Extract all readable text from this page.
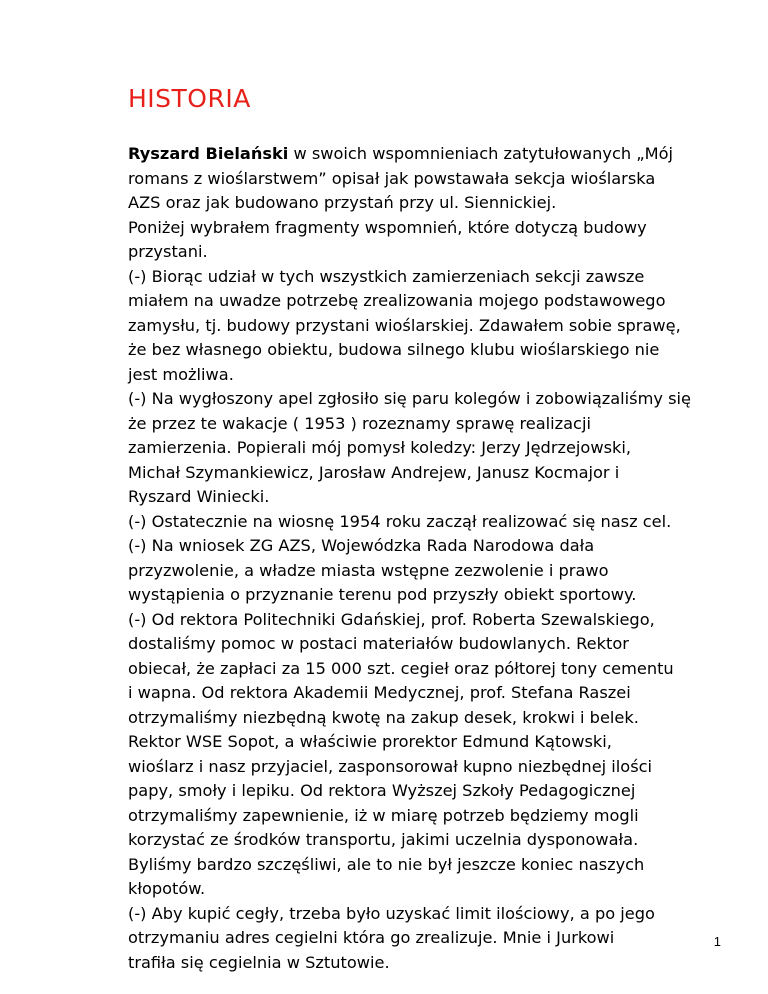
HISTORIA
Ryszard Bielański w swoich wspomnieniach zatytułowanych „Mój
romans z wioślarstwem” opisał jak powstawała sekcja wioślarska
AZS oraz jak budowano przystań przy ul. Siennickiej.
Poniżej wybrałem fragmenty wspomnień, które dotyczą budowy
przystani.
(-) Biorąc udział w tych wszystkich zamierzeniach sekcji zawsze
miałem na uwadze potrzebę zrealizowania mojego podstawowego
zamysłu, tj. budowy przystani wioślarskiej. Zdawałem sobie sprawę,
że bez własnego obiektu, budowa silnego klubu wioślarskiego nie
jest możliwa.
(-) Na wygłoszony apel zgłosiło się paru kolegów i zobowiązaliśmy się
że przez te wakacje ( 1953 ) rozeznamy sprawę realizacji
zamierzenia. Popierali mój pomysł koledzy: Jerzy Jędrzejowski,
Michał Szymankiewicz, Jarosław Andrejew, Janusz Kocmajor i
Ryszard Winiecki.
(-) Ostatecznie na wiosnę 1954 roku zaczął realizować się nasz cel.
(-) Na wniosek ZG AZS, Wojewódzka Rada Narodowa dała
przyzwolenie, a władze miasta wstępne zezwolenie i prawo
wystąpienia o przyznanie terenu pod przyszły obiekt sportowy.
(-) Od rektora Politechniki Gdańskiej, prof. Roberta Szewalskiego,
dostaliśmy pomoc w postaci materiałów budowlanych. Rektor
obiecał, że zapłaci za 15 000 szt. cegieł oraz półtorej tony cementu
i wapna. Od rektora Akademii Medycznej, prof. Stefana Raszei
otrzymaliśmy niezbędną kwotę na zakup desek, krokwi i belek.
Rektor WSE Sopot, a właściwie prorektor Edmund Kątowski,
wioślarz i nasz przyjaciel, zasponsorował kupno niezbędnej ilości
papy, smoły i lepiku. Od rektora Wyższej Szkoły Pedagogicznej
otrzymaliśmy zapewnienie, iż w miarę potrzeb będziemy mogli
korzystać ze środków transportu, jakimi uczelnia dysponowała.
Byliśmy bardzo szczęśliwi, ale to nie był jeszcze koniec naszych
kłopotów.
(-) Aby kupić cegły, trzeba było uzyskać limit ilościowy, a po jego
otrzymaniu adres cegielni która go zrealizuje. Mnie i Jurkowi
trafiła się cegielnia w Sztutowie.
1
